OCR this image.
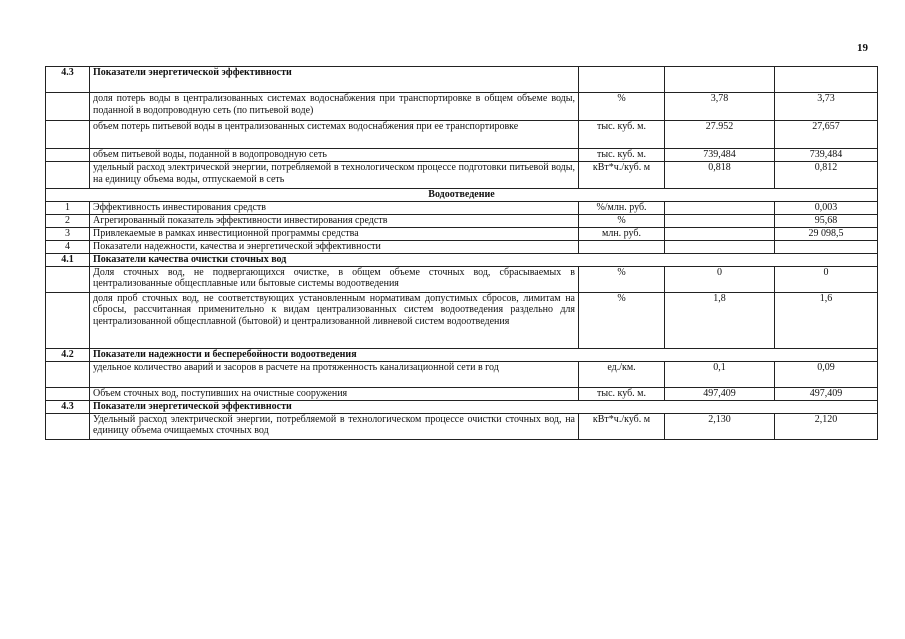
19
4.3	Показатели энергетической эффективности			
	доля потерь воды в централизованных системах водоснабжения при транспортировке в общем объеме воды, поданной в водопроводную сеть (по питьевой воде)	%	3,78	3,73
	объем потерь питьевой воды в централизованных системах водоснабжения при ее транспортировке	тыс. куб. м.	27.952	27,657
	объем питьевой воды, поданной в водопроводную сеть	тыс. куб. м.	739,484	739,484
	удельный расход электрической энергии, потребляемой в технологическом процессе подготовки питьевой воды, на единицу объема воды, отпускаемой в сеть	кВт*ч./куб. м	0,818	0,812
Водоотведение				
1	Эффективность инвестирования средств	%/млн. руб.		0,003
2	Агрегированный показатель эффективности инвестирования средств	%		95,68
3	Привлекаемые в рамках инвестиционной программы средства	млн. руб.		29 098,5
4	Показатели надежности, качества и энергетической эффективности			
4.1	Показатели качества очистки сточных вод			
	Доля сточных вод, не подвергающихся очистке, в общем объеме сточных вод, сбрасываемых в централизованные общесплавные или бытовые системы водоотведения	%	0	0
	доля проб сточных вод, не соответствующих установленным нормативам допустимых сбросов, лимитам на сбросы, рассчитанная применительно к видам централизованных систем водоотведения раздельно для централизованной общесплавной (бытовой) и централизованной ливневой систем водоотведения	%	1,8	1,6
4.2	Показатели надежности и бесперебойности водоотведения			
	удельное количество аварий и засоров в расчете на протяженность канализационной сети в год	ед./км.	0,1	0,09
	Объем сточных вод, поступивших на очистные сооружения	тыс. куб. м.	497,409	497,409
4.3	Показатели энергетической эффективности			
	Удельный расход электрической энергии, потребляемой в технологическом процессе очистки сточных вод, на единицу объема очищаемых сточных вод	кВт*ч./куб. м	2,130	2,120
